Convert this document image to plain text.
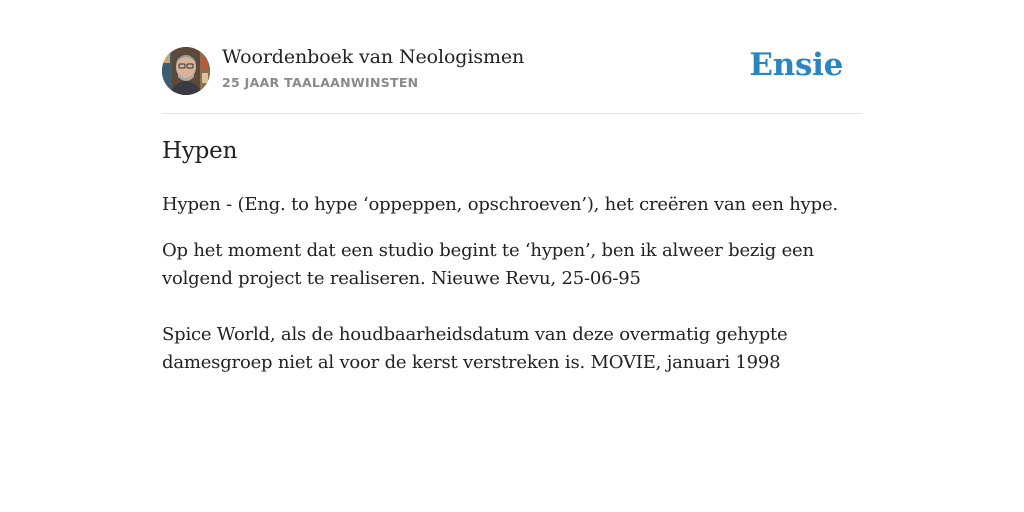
Woordenboek van Neologismen
25 JAAR TAALAANWINSTEN	Ensie
Hypen

Hypen - (Eng. to hype ‘oppeppen, opschroeven’), het creëren van een hype.

Op het moment dat een studio begint te ‘hypen’, ben ik alweer bezig een volgend project te realiseren. Nieuwe Revu, 25-06-95

Spice World, als de houdbaarheidsdatum van deze overmatig gehypte damesgroep niet al voor de kerst verstreken is. MOVIE, januari 1998
